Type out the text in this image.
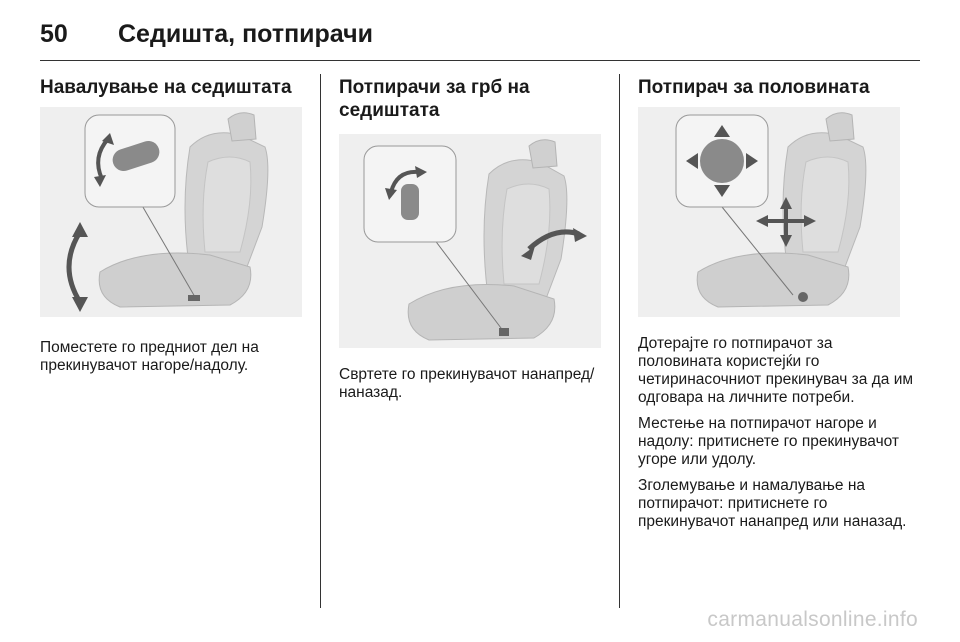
50 Седишта, потпирачи
Навалување на седиштата

Поместете го предниот дел на прекинувачот нагоре/надолу.

Потпирачи за грб на седиштата

Свртете го прекинувачот нанапред/наназад.

Потпирач за половината

Дотерајте го потпирачот за половината користејќи го четиринасочниот прекинувач за да им одговара на личните потреби.

Местење на потпирачот нагоре и надолу: притиснете го прекинувачот угоре или удолу.

Зголемување и намалување на потпирачот: притиснете го прекинувачот нанапред или наназад.

carmanualsonline.info
